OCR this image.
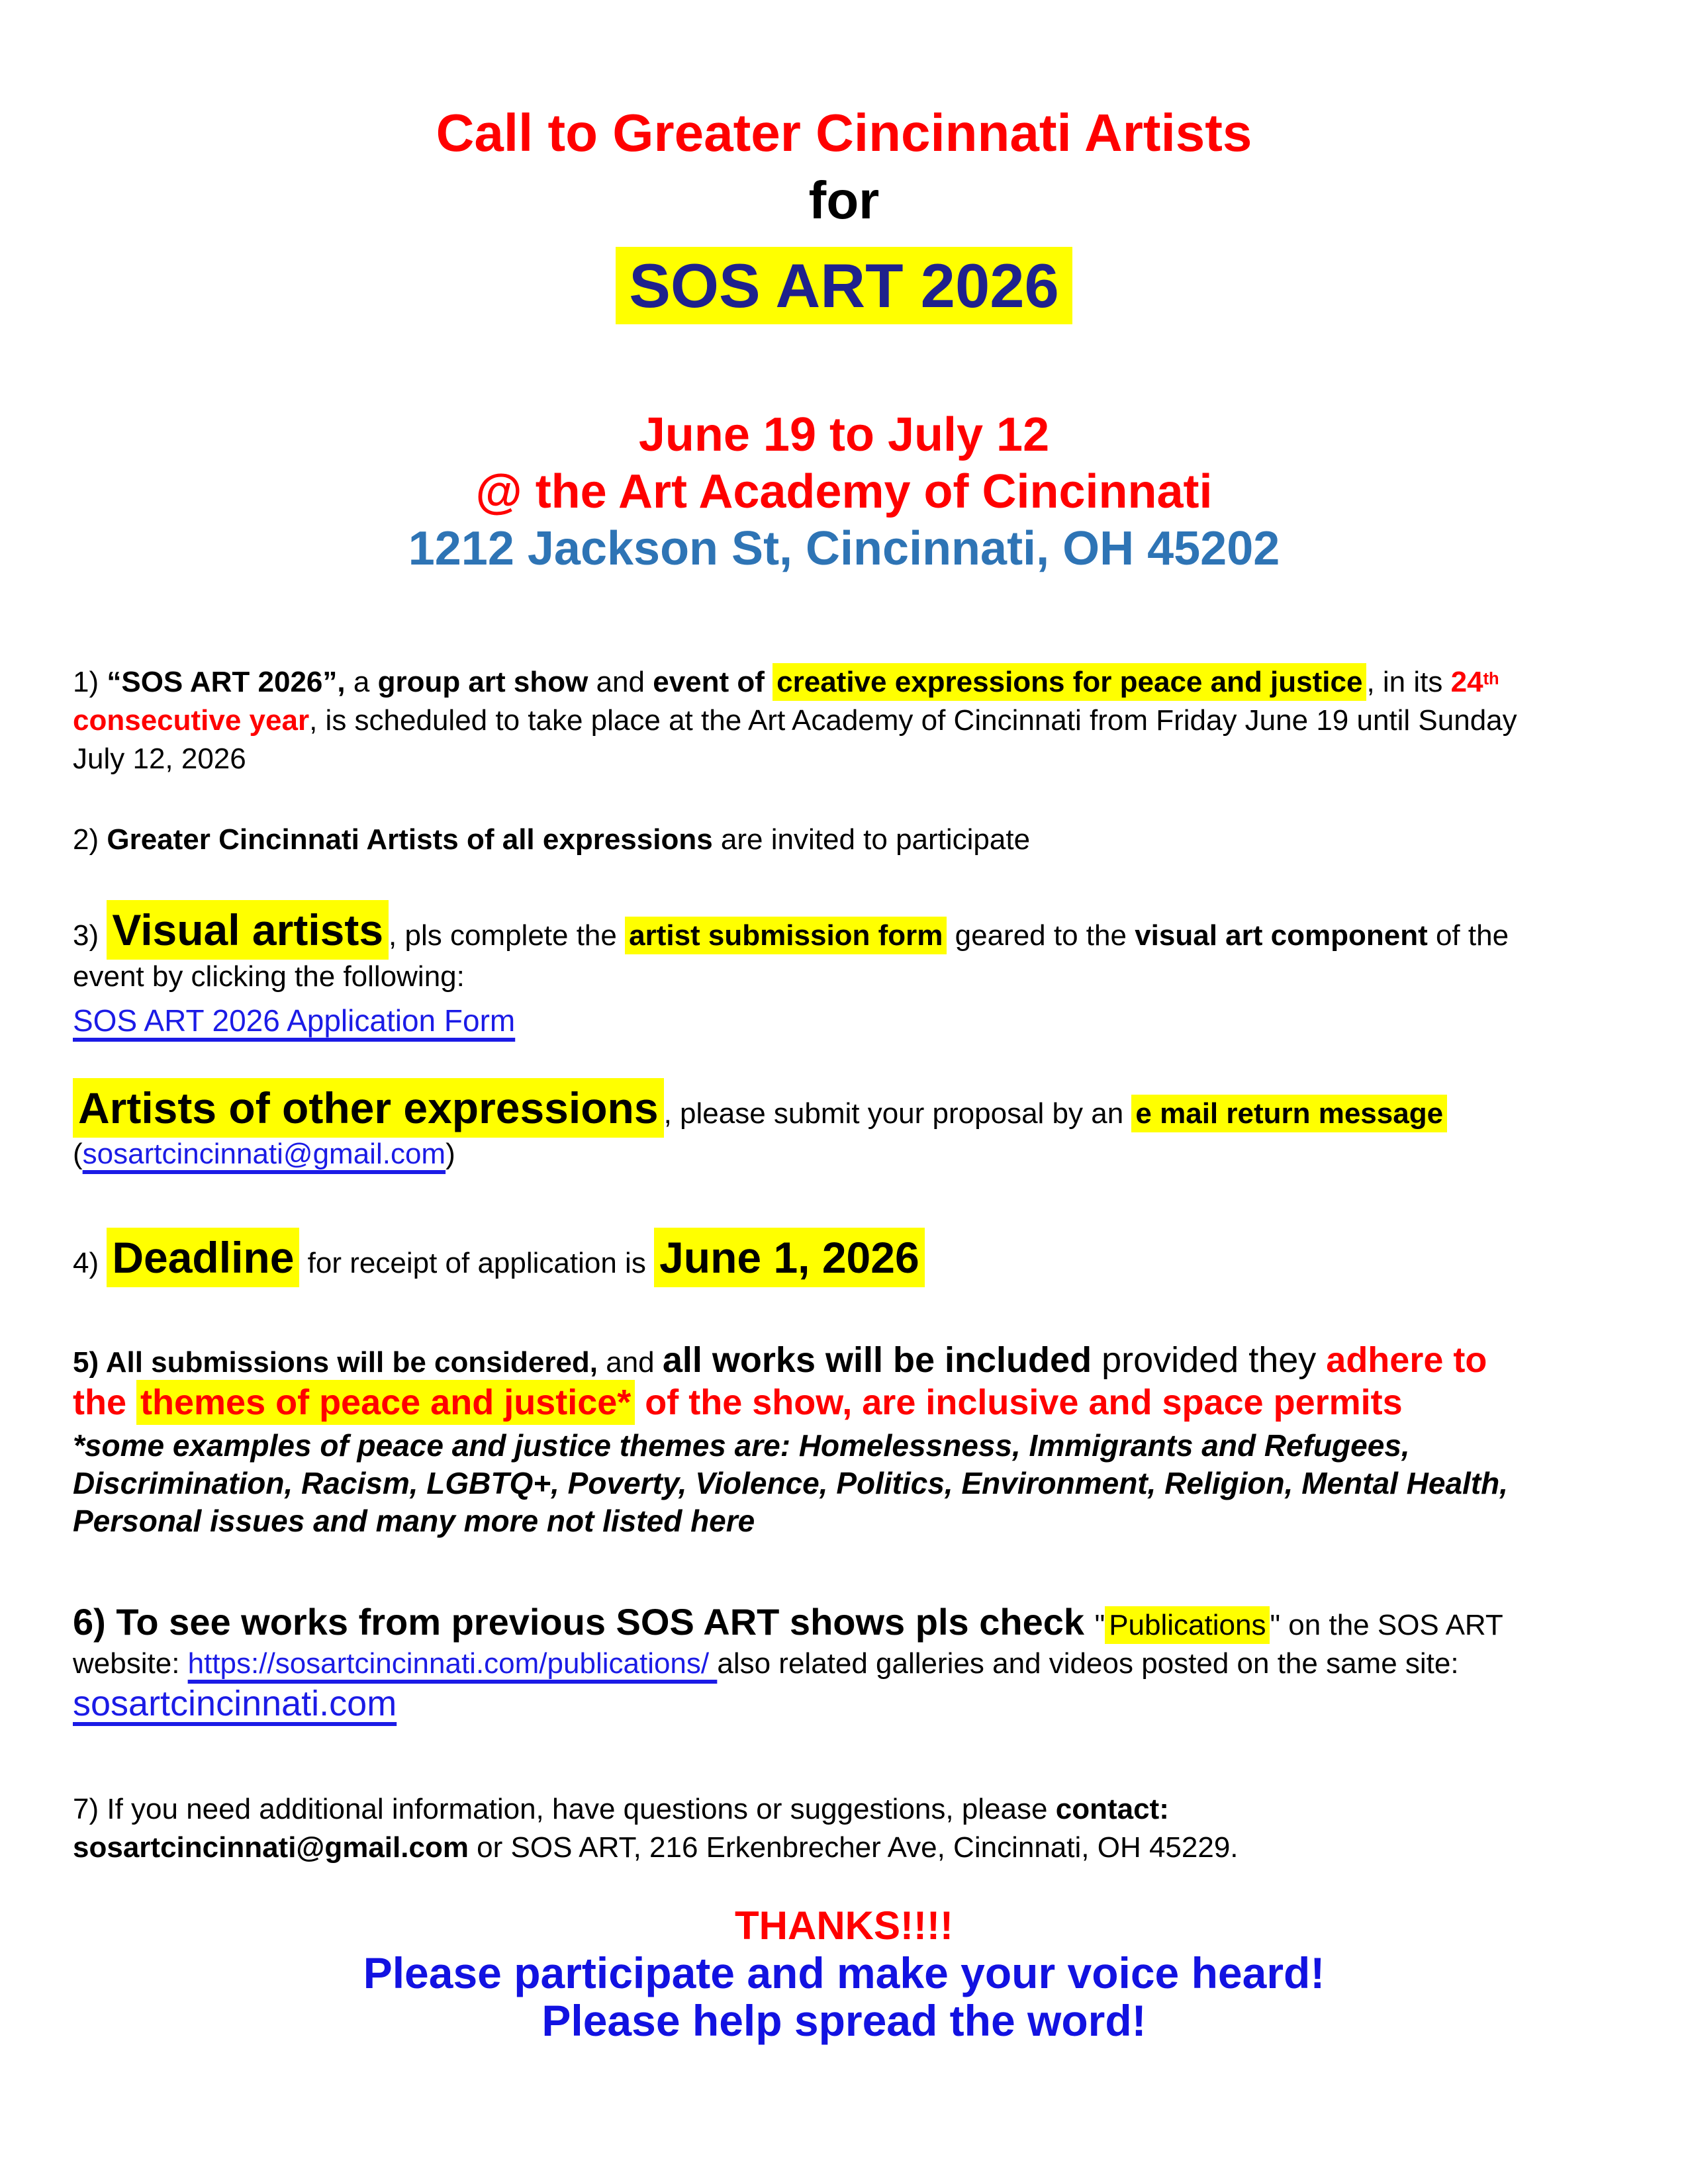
Call to Greater Cincinnati Artists
for
SOS ART 2026
June 19 to July 12
@ the Art Academy of Cincinnati
1212 Jackson St, Cincinnati, OH 45202

1) “SOS ART 2026”, a group art show and event of creative expressions for peace and justice , in its 24th consecutive year, is scheduled to take place at the Art Academy of Cincinnati from Friday June 19 until Sunday July 12, 2026

2) Greater Cincinnati Artists of all expressions are invited to participate

3) Visual artists , pls complete the artist submission form geared to the visual art component of the event by clicking the following:

SOS ART 2026 Application Form

Artists of other expressions , please submit your proposal by an e mail return message (sosartcincinnati@gmail.com)

4) Deadline for receipt of application is June 1, 2026

5) All submissions will be considered, and all works will be included provided they adhere to the themes of peace and justice* of the show, are inclusive and space permits

*some examples of peace and justice themes are: Homelessness, Immigrants and Refugees, Discrimination, Racism, LGBTQ+, Poverty, Violence, Politics, Environment, Religion, Mental Health, Personal issues and many more not listed here

6) To see works from previous SOS ART shows pls check " Publications " on the SOS ART website: https://sosartcincinnati.com/publications/ also related galleries and videos posted on the same site: sosartcincinnati.com

7) If you need additional information, have questions or suggestions, please contact: sosartcincinnati@gmail.com or SOS ART, 216 Erkenbrecher Ave, Cincinnati, OH 45229.

THANKS!!!!
Please participate and make your voice heard!
Please help spread the word!
